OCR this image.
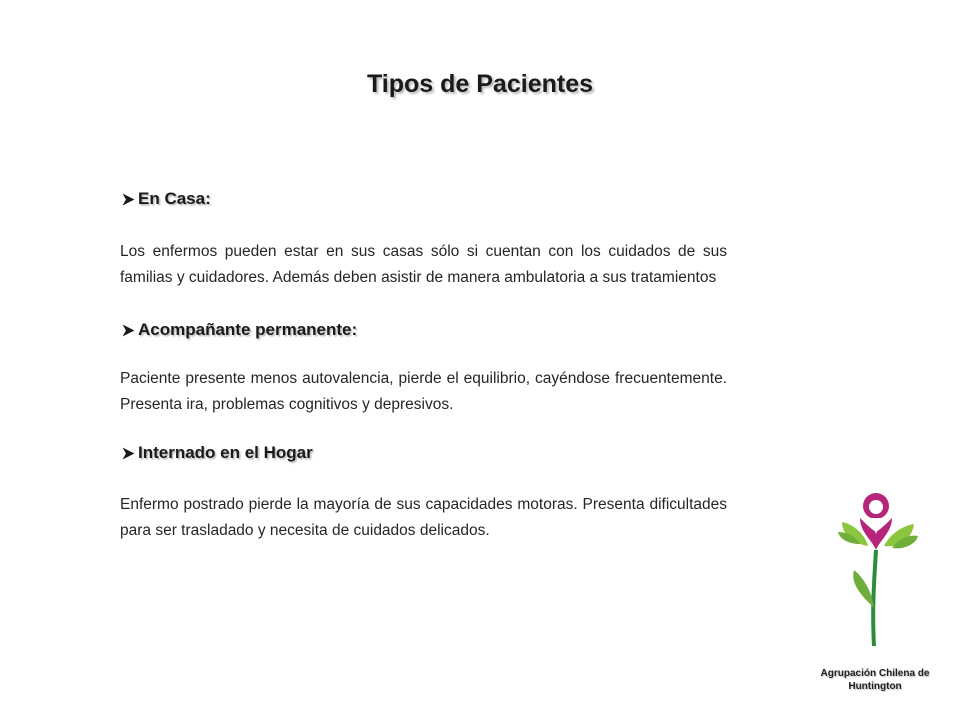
Tipos de Pacientes
En Casa:

Los enfermos pueden estar en sus casas sólo si cuentan con los cuidados de sus familias y cuidadores. Además deben asistir de manera ambulatoria a sus tratamientos

Acompañante permanente:

Paciente presente menos autovalencia, pierde el equilibrio, cayéndose frecuentemente. Presenta ira, problemas cognitivos y depresivos.

Internado en el Hogar

Enfermo postrado pierde la mayoría de sus capacidades motoras. Presenta dificultades para ser trasladado y necesita de cuidados delicados.

Agrupación Chilena de
Huntington
